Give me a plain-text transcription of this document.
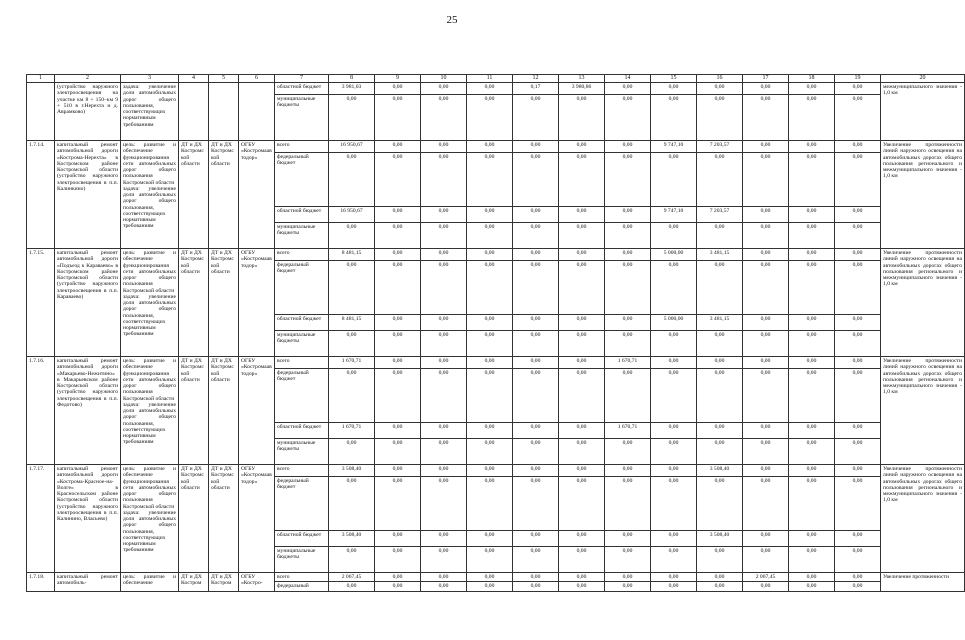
25
1	2	3	4	5	6	7	8	9	10	11	12	13	14	15	16	17	18	19	20
	(устройство наружного электроосвещения на участке км 8 + 150–км 9 + 510 в г.Нерехта и д. Аврамково)	задача: увеличение доли автомобильных дорог общего пользования, соответствующих нормативным требованиям				областной бюджет	3 981,03	0,00	0,00	0,00	0,17	3 980,86	0,00	0,00	0,00	0,00	0,00	0,00	межмуниципального значения - 1,0 км
						муниципальные бюджеты	0,00	0,00	0,00	0,00	0,00	0,00	0,00	0,00	0,00	0,00	0,00	0,00	
1.7.14.	капитальный ремонт автомобильной дороги «Кострома-Нерехта» в Костромском районе Костромской области (устройство наружного электроосвещения в п.п. Калинкино)	цель: развитие и обеспечение функционирования сети автомобильных дорог общего пользования Костромской области
задача: увеличение доли автомобильных дорог общего пользования, соответствующих нормативным требованиям	ДТ и ДХ Костромской области	ДТ и ДХ Костромской области	ОГБУ «Костромаавтодор»	всего	16 950,67	0,00	0,00	0,00	0,00	0,00	0,00	9 747,10	7 203,57	0,00	0,00	0,00	Увеличение протяженности линий наружного освещения на автомобильных дорогах общего пользования регионального и межмуниципального значения - 1,0 км
						федеральный бюджет	0,00	0,00	0,00	0,00	0,00	0,00	0,00	0,00	0,00	0,00	0,00	0,00	
						областной бюджет	16 950,67	0,00	0,00	0,00	0,00	0,00	0,00	9 747,10	7 203,57	0,00	0,00	0,00	
						муниципальные бюджеты	0,00	0,00	0,00	0,00	0,00	0,00	0,00	0,00	0,00	0,00	0,00	0,00	
1.7.15.	капитальный ремонт автомобильной дороги «Подъезд к Караваево» в Костромском районе Костромской области (устройство наружного электроосвещения в п.п. Караваево)	цель: развитие и обеспечение функционирования сети автомобильных дорог общего пользования Костромской области
задача: увеличение доли автомобильных дорог общего пользования, соответствующих нормативным требованиям	ДТ и ДХ Костромской области	ДТ и ДХ Костромской области	ОГБУ «Костромаавтодор»	всего	8 481,15	0,00	0,00	0,00	0,00	0,00	0,00	5 000,00	3 481,15	0,00	0,00	0,00	Увеличение протяженности линий наружного освещения на автомобильных дорогах общего пользования регионального и межмуниципального значения - 1,0 км
						федеральный бюджет	0,00	0,00	0,00	0,00	0,00	0,00	0,00	0,00	0,00	0,00	0,00	0,00	
						областной бюджет	8 481,15	0,00	0,00	0,00	0,00	0,00	0,00	5 000,00	3 481,15	0,00	0,00	0,00	
						муниципальные бюджеты	0,00	0,00	0,00	0,00	0,00	0,00	0,00	0,00	0,00	0,00	0,00	0,00	
1.7.16.	капитальный ремонт автомобильной дороги «Макарьево-Нежитино» в Макарьевском районе Костромской области (устройство наружного электроосвещения в п.п. Федотово)	цель: развитие и обеспечение функционирования сети автомобильных дорог общего пользования Костромской области
задача: увеличение доли автомобильных дорог общего пользования, соответствующих нормативным требованиям	ДТ и ДХ Костромской области	ДТ и ДХ Костромской области	ОГБУ «Костромаавтодор»	всего	1 670,71	0,00	0,00	0,00	0,00	0,00	1 670,71	0,00	0,00	0,00	0,00	0,00	Увеличение протяженности линий наружного освещения на автомобильных дорогах общего пользования регионального и межмуниципального значения - 1,0 км
						федеральный бюджет	0,00	0,00	0,00	0,00	0,00	0,00	0,00	0,00	0,00	0,00	0,00	0,00	
						областной бюджет	1 670,71	0,00	0,00	0,00	0,00	0,00	1 670,71	0,00	0,00	0,00	0,00	0,00	
						муниципальные бюджеты	0,00	0,00	0,00	0,00	0,00	0,00	0,00	0,00	0,00	0,00	0,00	0,00	
1.7.17.	капитальный ремонт автомобильной дороги «Кострома-Красное-на-Волге» в Красносельском районе Костромской области (устройство наружного электроосвещения в п.п. Калинино, Власьево)	цель: развитие и обеспечение функционирования сети автомобильных дорог общего пользования Костромской области
задача: увеличение доли автомобильных дорог общего пользования, соответствующих нормативным требованиям	ДТ и ДХ Костромской области	ДТ и ДХ Костромской области	ОГБУ «Костромаавтодор»	всего	3 508,40	0,00	0,00	0,00	0,00	0,00	0,00	0,00	3 508,40	0,00	0,00	0,00	Увеличение протяженности линий наружного освещения на автомобильных дорогах общего пользования регионального и межмуниципального значения - 1,0 км
						федеральный бюджет	0,00	0,00	0,00	0,00	0,00	0,00	0,00	0,00	0,00	0,00	0,00	0,00	
						областной бюджет	3 508,40	0,00	0,00	0,00	0,00	0,00	0,00	0,00	3 508,40	0,00	0,00	0,00	
						муниципальные бюджеты	0,00	0,00	0,00	0,00	0,00	0,00	0,00	0,00	0,00	0,00	0,00	0,00	
1.7.18.	капитальный ремонт автомобиль-	цель: развитие и обеспечение	ДТ и ДХ Костром	ДТ и ДХ Костром	ОГБУ «Костро-	всего	2 067,45	0,00	0,00	0,00	0,00	0,00	0,00	0,00	0,00	2 067,45	0,00	0,00	Увеличение протяженности
						федеральный	0,00	0,00	0,00	0,00	0,00	0,00	0,00	0,00	0,00	0,00	0,00	0,00	
